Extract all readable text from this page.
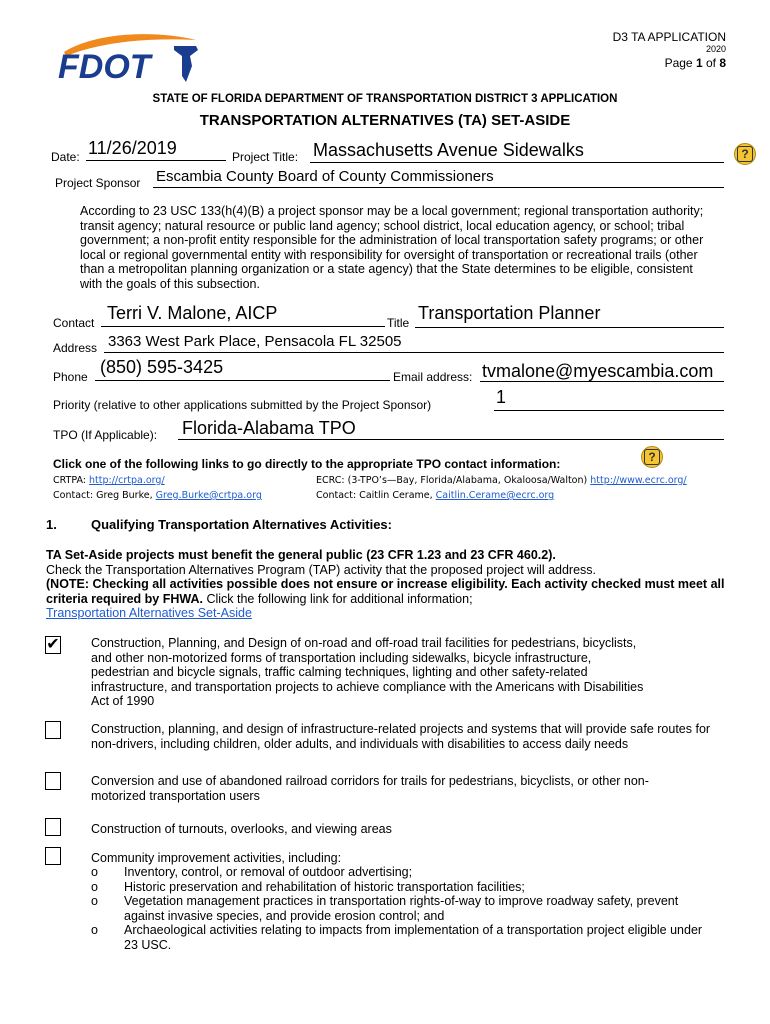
FDOT
D3 TA APPLICATION
2020
Page 1 of 8
STATE OF FLORIDA DEPARTMENT OF TRANSPORTATION DISTRICT 3 APPLICATION
TRANSPORTATION ALTERNATIVES (TA) SET-ASIDE
Date: 11/26/2019	Project Title: Massachusetts Avenue Sidewalks	?
Project Sponsor Escambia County Board of County Commissioners
According to 23 USC 133(h(4)(B) a project sponsor may be a local government; regional transportation authority; transit agency; natural resource or public land agency; school district, local education agency, or school; tribal government; a non-profit entity responsible for the administration of local transportation safety programs; or other local or regional governmental entity with responsibility for oversight of transportation or recreational trails (other than a metropolitan planning organization or a state agency) that the State determines to be eligible, consistent with the goals of this subsection.
Contact Terri V. Malone, AICP	Title Transportation Planner
Address 3363 West Park Place, Pensacola FL 32505
Phone (850) 595-3425	Email address: tvmalone@myescambia.com
Priority (relative to other applications submitted by the Project Sponsor)	1
TPO (If Applicable): Florida-Alabama TPO
Click one of the following links to go directly to the appropriate TPO contact information:	?
CRTPA: http://crtpa.org/
Contact: Greg Burke, Greg.Burke@crtpa.org
ECRC: (3-TPO’s—Bay, Florida/Alabama, Okaloosa/Walton) http://www.ecrc.org/
Contact: Caitlin Cerame, Caitlin.Cerame@ecrc.org
1.	Qualifying Transportation Alternatives Activities:
TA Set-Aside projects must benefit the general public (23 CFR 1.23 and 23 CFR 460.2).
Check the Transportation Alternatives Program (TAP) activity that the proposed project will address.
(NOTE: Checking all activities possible does not ensure or increase eligibility. Each activity checked must meet all criteria required by FHWA. Click the following link for additional information;
Transportation Alternatives Set-Aside
✔	Construction, Planning, and Design of on-road and off-road trail facilities for pedestrians, bicyclists, and other non-motorized forms of transportation including sidewalks, bicycle infrastructure, pedestrian and bicycle signals, traffic calming techniques, lighting and other safety-related infrastructure, and transportation projects to achieve compliance with the Americans with Disabilities Act of 1990
Construction, planning, and design of infrastructure-related projects and systems that will provide safe routes for non-drivers, including children, older adults, and individuals with disabilities to access daily needs
Conversion and use of abandoned railroad corridors for trails for pedestrians, bicyclists, or other non-motorized transportation users
Construction of turnouts, overlooks, and viewing areas
Community improvement activities, including:
o Inventory, control, or removal of outdoor advertising;
o Historic preservation and rehabilitation of historic transportation facilities;
o Vegetation management practices in transportation rights-of-way to improve roadway safety, prevent against invasive species, and provide erosion control; and
o Archaeological activities relating to impacts from implementation of a transportation project eligible under 23 USC.
